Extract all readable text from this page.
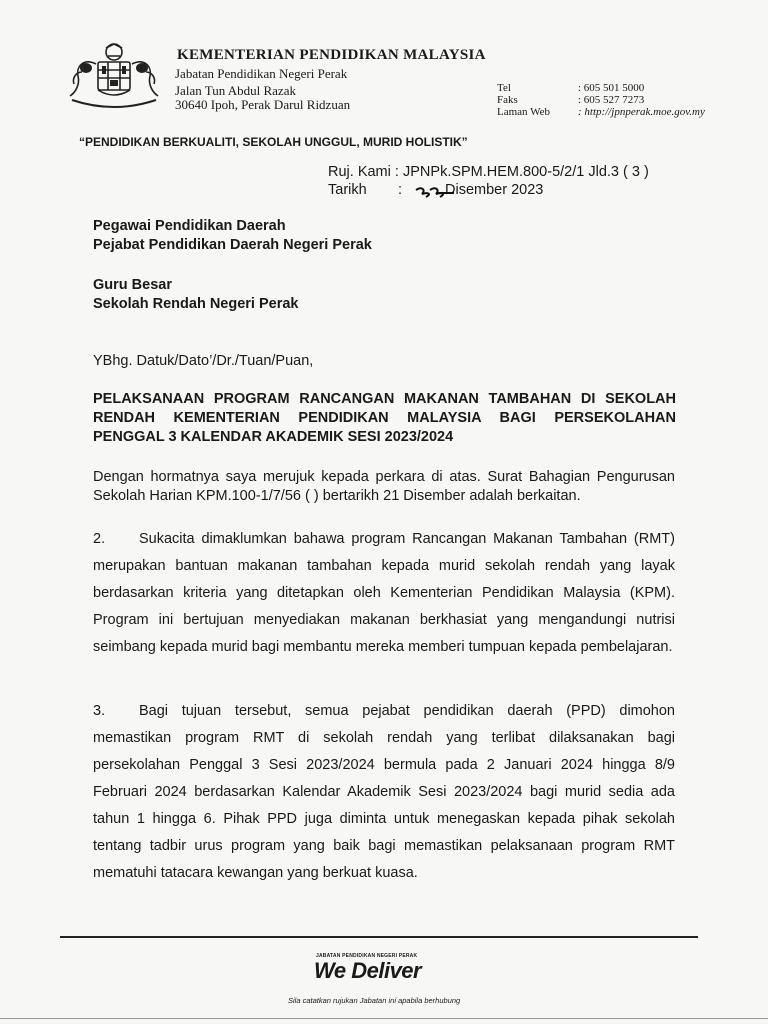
KEMENTERIAN PENDIDIKAN MALAYSIA
Jabatan Pendidikan Negeri Perak
Jalan Tun Abdul Razak
30640 Ipoh, Perak Darul Ridzuan
Tel	: 605 501 5000
Faks	: 605 527 7273
Laman Web	: http://jpnperak.moe.gov.my
“PENDIDIKAN BERKUALITI, SEKOLAH UNGGUL, MURID HOLISTIK”
Ruj. Kami : JPNPk.SPM.HEM.800-5/2/1 Jld.3 ( 3 )
Tarikh :	Disember 2023
Pegawai Pendidikan Daerah
Pejabat Pendidikan Daerah Negeri Perak
Guru Besar
Sekolah Rendah Negeri Perak
YBhg. Datuk/Dato’/Dr./Tuan/Puan,
PELAKSANAAN PROGRAM RANCANGAN MAKANAN TAMBAHAN DI SEKOLAH RENDAH KEMENTERIAN PENDIDIKAN MALAYSIA BAGI PERSEKOLAHAN PENGGAL 3 KALENDAR AKADEMIK SESI 2023/2024
Dengan hormatnya saya merujuk kepada perkara di atas. Surat Bahagian Pengurusan Sekolah Harian KPM.100-1/7/56 ( ) bertarikh 21 Disember adalah berkaitan.
2. Sukacita dimaklumkan bahawa program Rancangan Makanan Tambahan (RMT) merupakan bantuan makanan tambahan kepada murid sekolah rendah yang layak berdasarkan kriteria yang ditetapkan oleh Kementerian Pendidikan Malaysia (KPM). Program ini bertujuan menyediakan makanan berkhasiat yang mengandungi nutrisi seimbang kepada murid bagi membantu mereka memberi tumpuan kepada pembelajaran.
3. Bagi tujuan tersebut, semua pejabat pendidikan daerah (PPD) dimohon memastikan program RMT di sekolah rendah yang terlibat dilaksanakan bagi persekolahan Penggal 3 Sesi 2023/2024 bermula pada 2 Januari 2024 hingga 8/9 Februari 2024 berdasarkan Kalendar Akademik Sesi 2023/2024 bagi murid sedia ada tahun 1 hingga 6. Pihak PPD juga diminta untuk menegaskan kepada pihak sekolah tentang tadbir urus program yang baik bagi memastikan pelaksanaan program RMT mematuhi tatacara kewangan yang berkuat kuasa.
JABATAN PENDIDIKAN NEGERI PERAK
We Deliver
Sila catatkan rujukan Jabatan ini apabila berhubung
